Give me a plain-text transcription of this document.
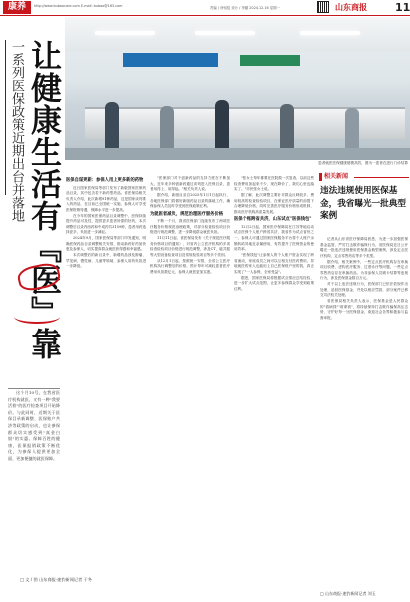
康养	http://www.bubaocare.com E-mail: bubao@163.com	责编 / 徐铝锭 设计 / 李璐 2024.12.16 星期一	山东商报	11
一系列医保政策近期出台并落地 让健康生活有『医』靠	患者就医医保健康便捷高效，图为一患者在进行门诊结算
医保自谋更新：参保人用上更多新的药物

近日国家医保局等部门发布了新版国家医保药品目录，其中包含若干新药型药品。省医保局相关负责人介绍，此次新增91种药品，这是国家谈判准入的药品，在目前已全国统一实施，参保人可享受医保报销待遇，保障水平进一步提高。

在今年的国家医保药品目录调整中，医保持续提升药品可及性，提供更多患者所需的好药，本次调整后目录内西药和中成药共3159种，患者用药选择更多，负担进一步减轻。

2024年9月，国家医保局等部门印发通知，明确医保药品目录调整相关安排，推动新药好药加快惠及参保人，切实提高群众就医获得感和幸福感。

本次调整后的新目录中，新增药品涉及肿瘤、罕见病、慢性病、儿童等领域，参保人用药负担进一步降低。

"医保部门对于创新药品的支持力度在不断加大，近年来多种创新药通过谈判进入医保目录，患者用得上、用得起。"相关负责人说。

据介绍，新版目录自2025年1月1日起执行，各地医保部门将做好新版药品目录的落地工作，确保参保人员及时享受到医保政策红利。

为就医者减负，规范治理医疗服务价格

不断一个月，我省医保部门连续发布了两项医疗服务价格规范治理政策，对部分检查检验项目价格进行规范调整，进一步降低群众就医负担。

11月11日起，省医保局发布《关于规范医疗服务价格项目的通知》，对省内公立医疗机构的多项检查检验项目价格进行规范调整，涉及CT、磁共振等大型设备检查项目及常规检验项目等多个类别。

从12月1日起，按照统一安排，全省公立医疗机构执行调整后的价格，预计每年可减轻患者医疗费用负担数亿元，参保人就医更加实惠。

"张女士每年都要在医院做一次复查，以前这些检查费用加起来不少，现在降价了，我们心里也踏实了。"市民张女士说。

据了解，此次调整主要针对群众反映较多、费用较高的检查检验项目，在保证医疗质量的前提下合理降低价格，同时完善医疗服务价格形成机制，推动医疗机构高质量发展。

医保个账跨省共济，山东试点"医保钱包"

12月2日起，国家医疗保障局在江苏等地启动试点医保个人账户跨省共济，我省作为试点省份之一，参保人可通过国家医保服务平台将个人账户余额转给异地近亲属使用，有效提升了医保资金的使用效率。

"医保钱包"让参保人的个人账户资金实现了跨省流动，家庭成员之间可以互相支付医药费用，异地就医的家人也能用上自己医保账户里的钱，真正实现了"一人参保，全家受益"。

据悉，国家医保局将根据试点情况总结经验，进一步扩大试点范围，让更多参保群众享受到政策红利。

相关新闻
违法违规使用医保基金，我省曝光一批典型案例

记者从山东省医疗保障局获悉，为进一步加强医保基金监管，严厉打击欺诈骗保行为，省医保局近日公开曝光一批违法违规使用医保基金典型案例，涉及定点医疗机构、定点零售药店等多个类型。

据介绍，相关案例中，一些定点医疗机构存在串换项目收费、虚构医疗服务、过度诊疗等问题，一些定点零售药店存在串换药品、为非参保人员刷卡结算等违规行为，涉及医保基金数百万元。

对于以上违法违规行为，医保部门已依法依规作出处理，追回医保基金，并处以相应罚款，部分案件已移交司法机关处理。

省医保局相关负责人表示，医保基金是人民群众的"看病钱""救命钱"，将持续保持打击欺诈骗保高压态势，守护好每一分医保基金，欢迎社会各界积极参与监督举报。

□ 山东商报·速豹新闻记者 刘玉
这个月10号，在我省医疗机构就医，又有一种"我要活着"的医疗检查项目开始降价。与此同时，近期关于医保目录新调整、医保账户共济等政策的启动，也让参保群众切实感受到"真金白银"的实惠。保障百姓的健康，医保报销政策不断优化，为参保人提供更加全面、更加便捷的就医保障。
□ 文 / 图 山东商报·速豹新闻记者 于冬
